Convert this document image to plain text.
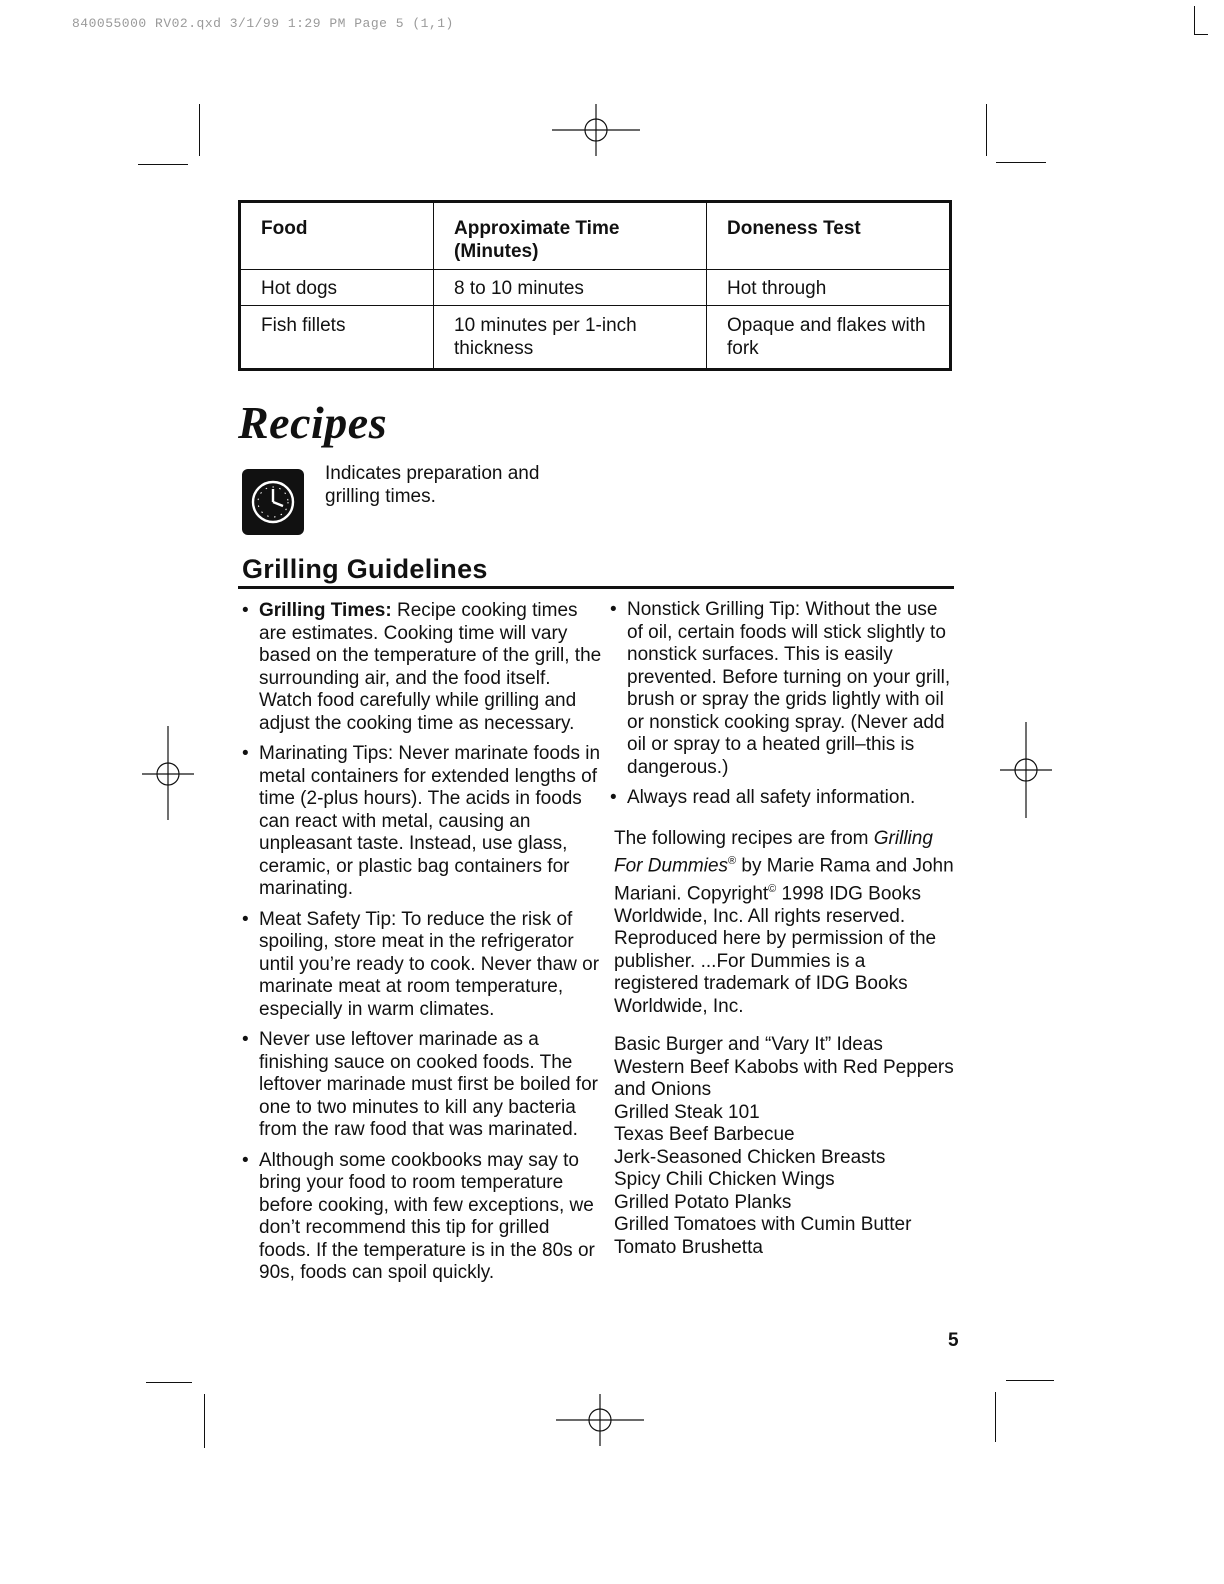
840055000 RV02.qxd 3/1/99 1:29 PM Page 5 (1,1)
Food	Approximate Time (Minutes)	Doneness Test
Hot dogs	8 to 10 minutes	Hot through
Fish fillets	10 minutes per 1-inch thickness	Opaque and flakes with fork
Recipes
Indicates preparation and grilling times.
Grilling Guidelines
• Grilling Times: Recipe cooking times are estimates. Cooking time will vary based on the temperature of the grill, the surrounding air, and the food itself. Watch food carefully while grilling and adjust the cooking time as necessary.
• Marinating Tips: Never marinate foods in metal containers for extended lengths of time (2-plus hours). The acids in foods can react with metal, causing an unpleasant taste. Instead, use glass, ceramic, or plastic bag containers for marinating.
• Meat Safety Tip: To reduce the risk of spoiling, store meat in the refrigerator until you’re ready to cook. Never thaw or marinate meat at room temperature, especially in warm climates.
• Never use leftover marinade as a finishing sauce on cooked foods. The leftover marinade must first be boiled for one to two minutes to kill any bacteria from the raw food that was marinated.
• Although some cookbooks may say to bring your food to room temperature before cooking, with few exceptions, we don’t recommend this tip for grilled foods. If the temperature is in the 80s or 90s, foods can spoil quickly.
• Nonstick Grilling Tip: Without the use of oil, certain foods will stick slightly to nonstick surfaces. This is easily prevented. Before turning on your grill, brush or spray the grids lightly with oil or nonstick cooking spray. (Never add oil or spray to a heated grill–this is dangerous.)
• Always read all safety information.

The following recipes are from Grilling For Dummies® by Marie Rama and John Mariani. Copyright© 1998 IDG Books Worldwide, Inc. All rights reserved. Reproduced here by permission of the publisher. ...For Dummies is a registered trademark of IDG Books Worldwide, Inc.

Basic Burger and “Vary It” Ideas
Western Beef Kabobs with Red Peppers and Onions
Grilled Steak 101
Texas Beef Barbecue
Jerk-Seasoned Chicken Breasts
Spicy Chili Chicken Wings
Grilled Potato Planks
Grilled Tomatoes with Cumin Butter
Tomato Brushetta
5
